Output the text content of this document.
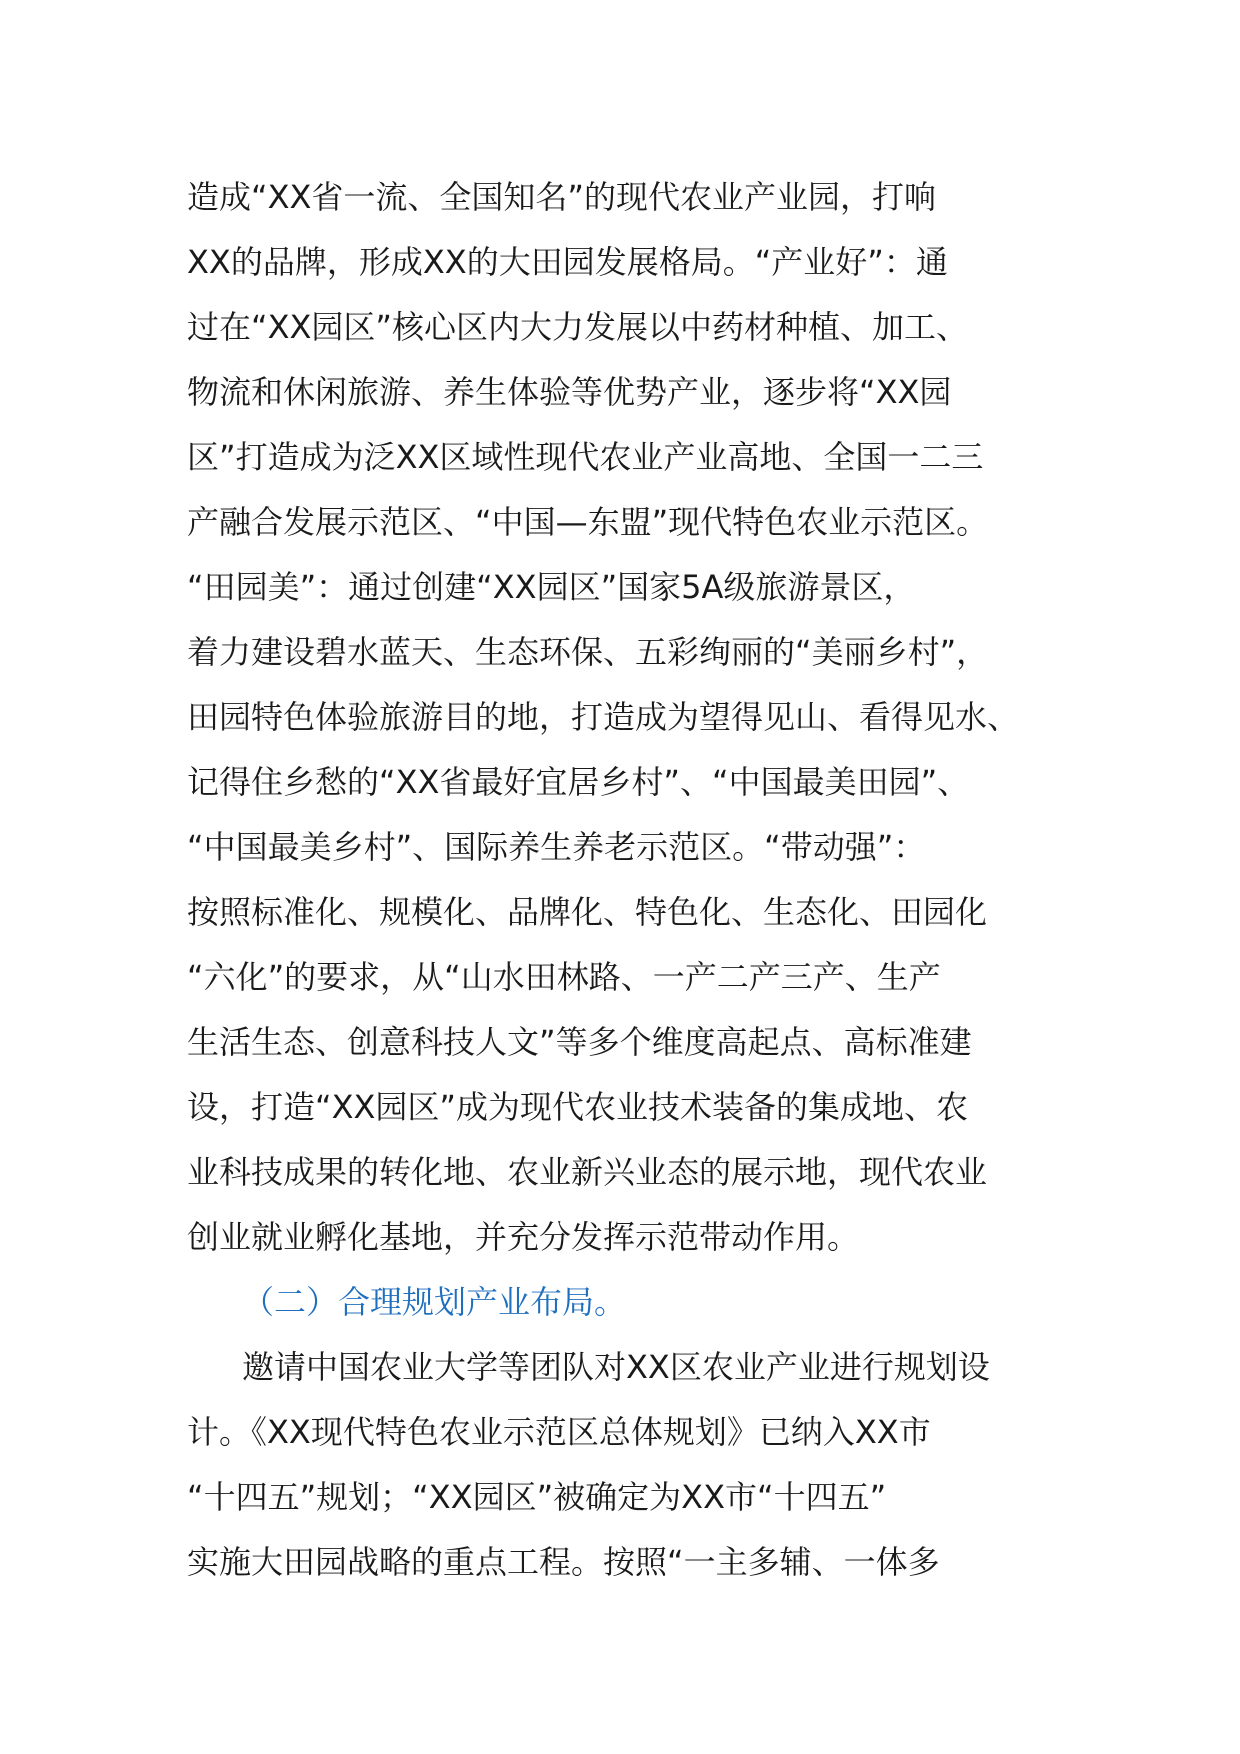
造成“XX省一流、全国知名”的现代农业产业园，打响
XX的品牌，形成XX的大田园发展格局。“产业好”：通
过在“XX园区”核心区内大力发展以中药材种植、加工、
物流和休闲旅游、养生体验等优势产业，逐步将“XX园
区”打造成为泛XX区域性现代农业产业高地、全国一二三
产融合发展示范区、“中国—东盟”现代特色农业示范区。
“田园美”：通过创建“XX园区”国家5A级旅游景区，
着力建设碧水蓝天、生态环保、五彩绚丽的“美丽乡村”，
田园特色体验旅游目的地，打造成为望得见山、看得见水、
记得住乡愁的“XX省最好宜居乡村”、“中国最美田园”、
“中国最美乡村”、国际养生养老示范区。“带动强”：
按照标准化、规模化、品牌化、特色化、生态化、田园化
“六化”的要求，从“山水田林路、一产二产三产、生产
生活生态、创意科技人文”等多个维度高起点、高标准建
设，打造“XX园区”成为现代农业技术装备的集成地、农
业科技成果的转化地、农业新兴业态的展示地，现代农业
创业就业孵化基地，并充分发挥示范带动作用。
（二）合理规划产业布局。
邀请中国农业大学等团队对XX区农业产业进行规划设
计。《XX现代特色农业示范区总体规划》已纳入XX市
“十四五”规划；“XX园区”被确定为XX市“十四五”
实施大田园战略的重点工程。按照“一主多辅、一体多
